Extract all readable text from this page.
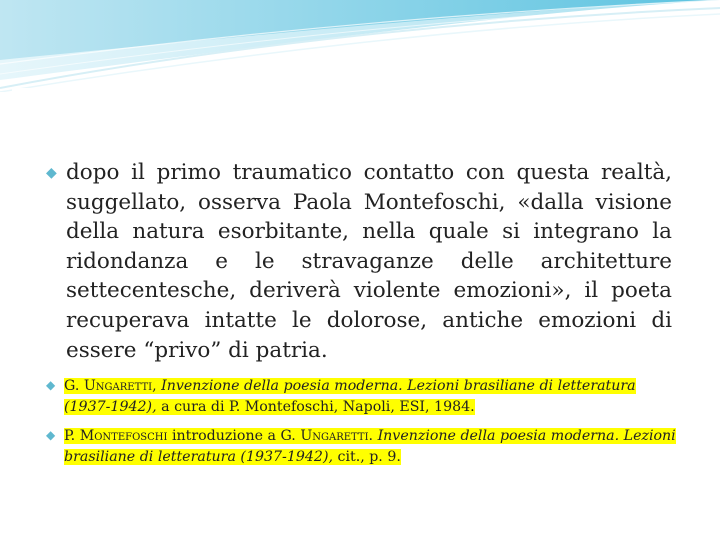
◆ dopo il primo traumatico contatto con questa realtà, suggellato, osserva Paola Montefoschi, «dalla visione della natura esorbitante, nella quale si integrano la ridondanza e le stravaganze delle architetture settecentesche, deriverà violente emozioni», il poeta recuperava intatte le dolorose, antiche emozioni di essere “privo” di patria.

◆ G. Ungaretti, Invenzione della poesia moderna. Lezioni brasiliane di letteratura (1937-1942), a cura di P. Montefoschi, Napoli, ESI, 1984.

◆ P. Montefoschi introduzione a G. Ungaretti. Invenzione della poesia moderna. Lezioni brasiliane di letteratura (1937-1942), cit., p. 9.
